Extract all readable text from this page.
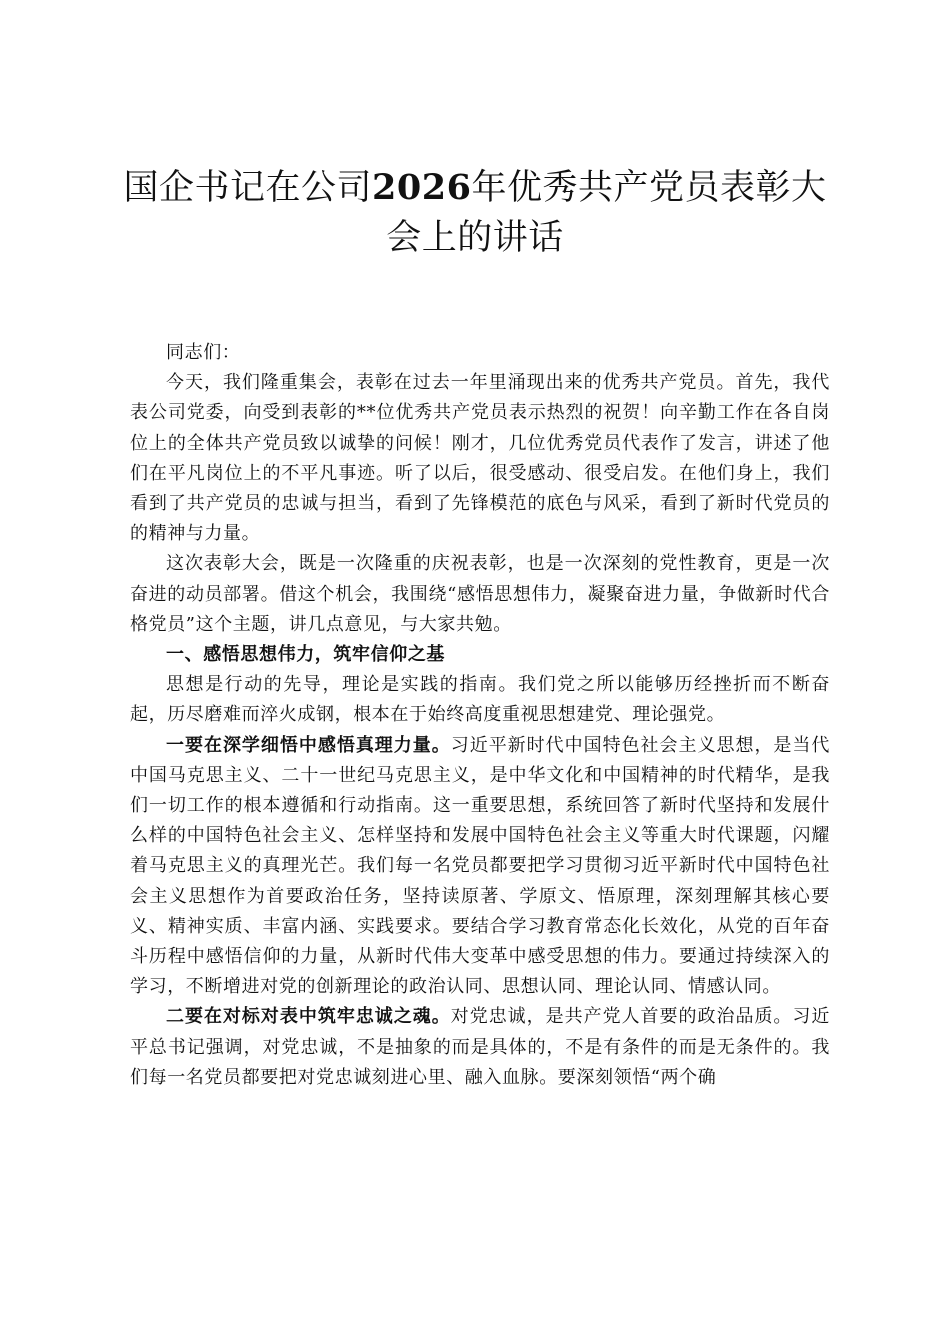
国企书记在公司2026年优秀共产党员表彰大会上的讲话

同志们：

今天，我们隆重集会，表彰在过去一年里涌现出来的优秀共产党员。首先，我代表公司党委，向受到表彰的**位优秀共产党员表示热烈的祝贺！向辛勤工作在各自岗位上的全体共产党员致以诚挚的问候！刚才，几位优秀党员代表作了发言，讲述了他们在平凡岗位上的不平凡事迹。听了以后，很受感动、很受启发。在他们身上，我们看到了共产党员的忠诚与担当，看到了先锋模范的底色与风采，看到了新时代党员的的精神与力量。

这次表彰大会，既是一次隆重的庆祝表彰，也是一次深刻的党性教育，更是一次奋进的动员部署。借这个机会，我围绕“感悟思想伟力，凝聚奋进力量，争做新时代合格党员”这个主题，讲几点意见，与大家共勉。

一、感悟思想伟力，筑牢信仰之基

思想是行动的先导，理论是实践的指南。我们党之所以能够历经挫折而不断奋起，历尽磨难而淬火成钢，根本在于始终高度重视思想建党、理论强党。

一要在深学细悟中感悟真理力量。习近平新时代中国特色社会主义思想，是当代中国马克思主义、二十一世纪马克思主义，是中华文化和中国精神的时代精华，是我们一切工作的根本遵循和行动指南。这一重要思想，系统回答了新时代坚持和发展什么样的中国特色社会主义、怎样坚持和发展中国特色社会主义等重大时代课题，闪耀着马克思主义的真理光芒。我们每一名党员都要把学习贯彻习近平新时代中国特色社会主义思想作为首要政治任务，坚持读原著、学原文、悟原理，深刻理解其核心要义、精神实质、丰富内涵、实践要求。要结合学习教育常态化长效化，从党的百年奋斗历程中感悟信仰的力量，从新时代伟大变革中感受思想的伟力。要通过持续深入的学习，不断增进对党的创新理论的政治认同、思想认同、理论认同、情感认同。

二要在对标对表中筑牢忠诚之魂。对党忠诚，是共产党人首要的政治品质。习近平总书记强调，对党忠诚，不是抽象的而是具体的，不是有条件的而是无条件的。我们每一名党员都要把对党忠诚刻进心里、融入血脉。要深刻领悟“两个确
